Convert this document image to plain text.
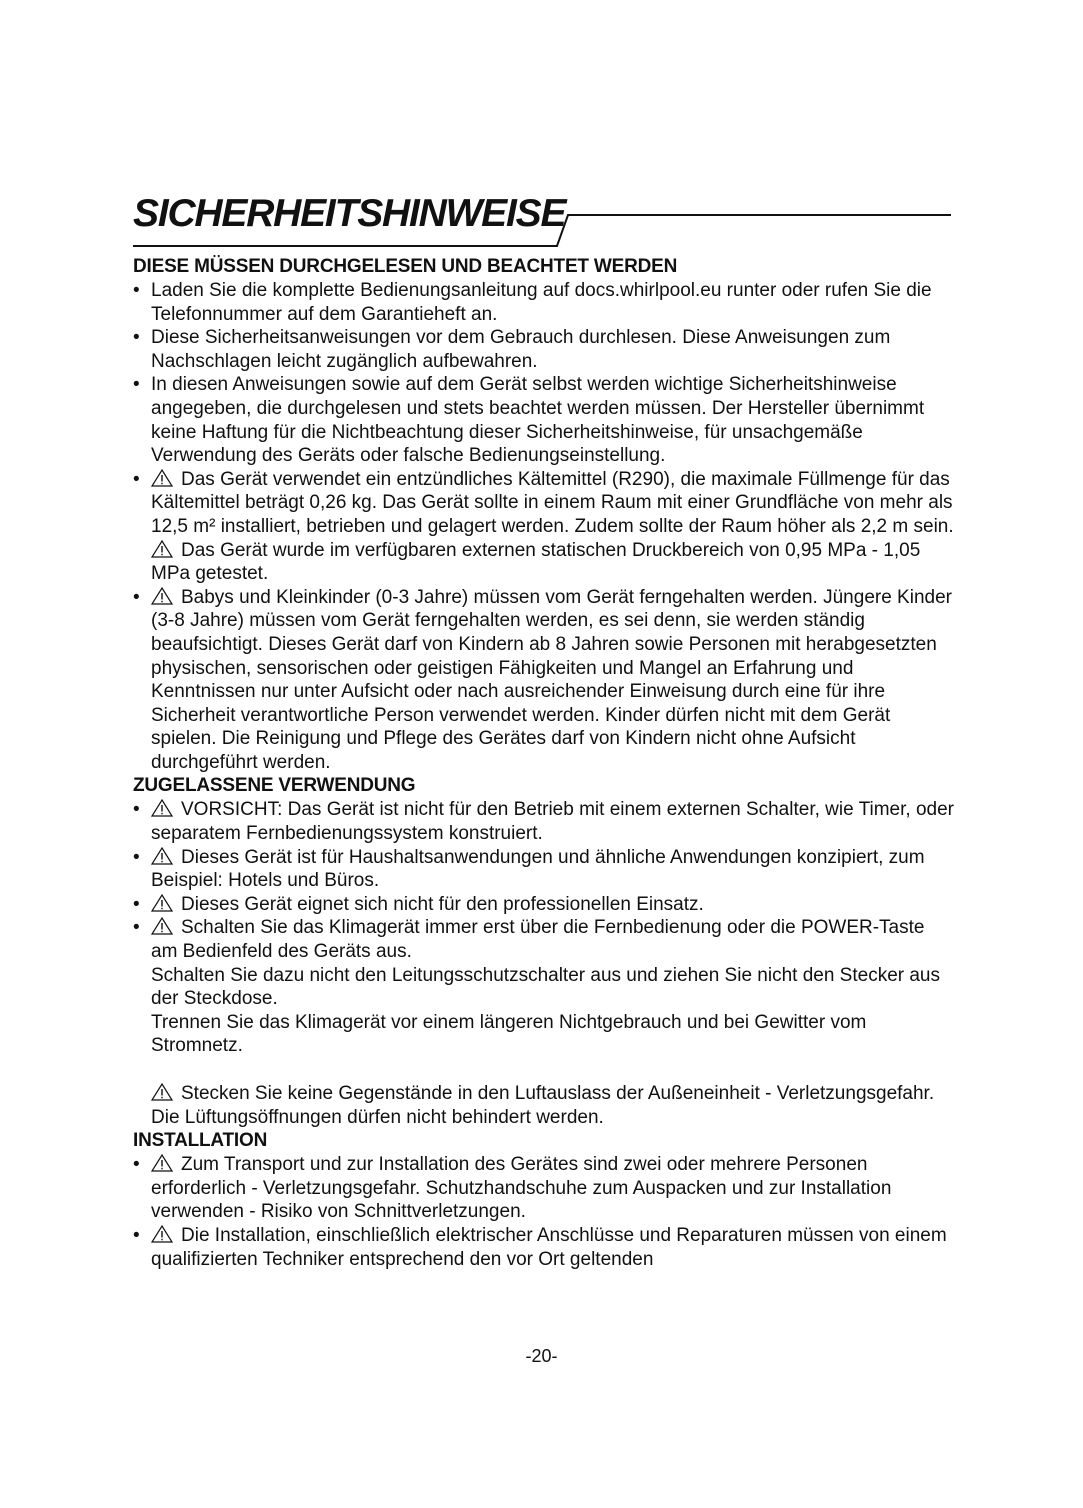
SICHERHEITSHINWEISE
DIESE MÜSSEN DURCHGELESEN UND BEACHTET WERDEN
• Laden Sie die komplette Bedienungsanleitung auf docs.whirlpool.eu runter oder rufen Sie die Telefonnummer auf dem Garantieheft an.
• Diese Sicherheitsanweisungen vor dem Gebrauch durchlesen. Diese Anweisungen zum Nachschlagen leicht zugänglich aufbewahren.
• In diesen Anweisungen sowie auf dem Gerät selbst werden wichtige Sicherheitshinweise angegeben, die durchgelesen und stets beachtet werden müssen. Der Hersteller übernimmt keine Haftung für die Nichtbeachtung dieser Sicherheitshinweise, für unsachgemäße Verwendung des Geräts oder falsche Bedienungseinstellung.
•	Das Gerät verwendet ein entzündliches Kältemittel (R290), die maximale Füllmenge für das Kältemittel beträgt 0,26 kg. Das Gerät sollte in einem Raum mit einer Grundfläche von mehr als 12,5 m² installiert, betrieben und gelagert werden. Zudem sollte der Raum höher als 2,2 m sein.
Das Gerät wurde im verfügbaren externen statischen Druckbereich von 0,95 MPa - 1,05 MPa getestet.
•	Babys und Kleinkinder (0-3 Jahre) müssen vom Gerät ferngehalten werden. Jüngere Kinder (3-8 Jahre) müssen vom Gerät ferngehalten werden, es sei denn, sie werden ständig beaufsichtigt. Dieses Gerät darf von Kindern ab 8 Jahren sowie Personen mit herabgesetzten physischen, sensorischen oder geistigen Fähigkeiten und Mangel an Erfahrung und Kenntnissen nur unter Aufsicht oder nach ausreichender Einweisung durch eine für ihre Sicherheit verantwortliche Person verwendet werden. Kinder dürfen nicht mit dem Gerät spielen. Die Reinigung und Pflege des Gerätes darf von Kindern nicht ohne Aufsicht durchgeführt werden.
ZUGELASSENE VERWENDUNG
•	VORSICHT: Das Gerät ist nicht für den Betrieb mit einem externen Schalter, wie Timer, oder separatem Fernbedienungssystem konstruiert.
•	Dieses Gerät ist für Haushaltsanwendungen und ähnliche Anwendungen konzipiert, zum Beispiel: Hotels und Büros.
•	Dieses Gerät eignet sich nicht für den professionellen Einsatz.
•	Schalten Sie das Klimagerät immer erst über die Fernbedienung oder die POWER-Taste am Bedienfeld des Geräts aus.
Schalten Sie dazu nicht den Leitungsschutzschalter aus und ziehen Sie nicht den Stecker aus der Steckdose.
Trennen Sie das Klimagerät vor einem längeren Nichtgebrauch und bei Gewitter vom Stromnetz.
Stecken Sie keine Gegenstände in den Luftauslass der Außeneinheit - Verletzungsgefahr. Die Lüftungsöffnungen dürfen nicht behindert werden.
INSTALLATION
•	Zum Transport und zur Installation des Gerätes sind zwei oder mehrere Personen erforderlich - Verletzungsgefahr. Schutzhandschuhe zum Auspacken und zur Installation verwenden - Risiko von Schnittverletzungen.
•	Die Installation, einschließlich elektrischer Anschlüsse und Reparaturen müssen von einem qualifizierten Techniker entsprechend den vor Ort geltenden
-20-
